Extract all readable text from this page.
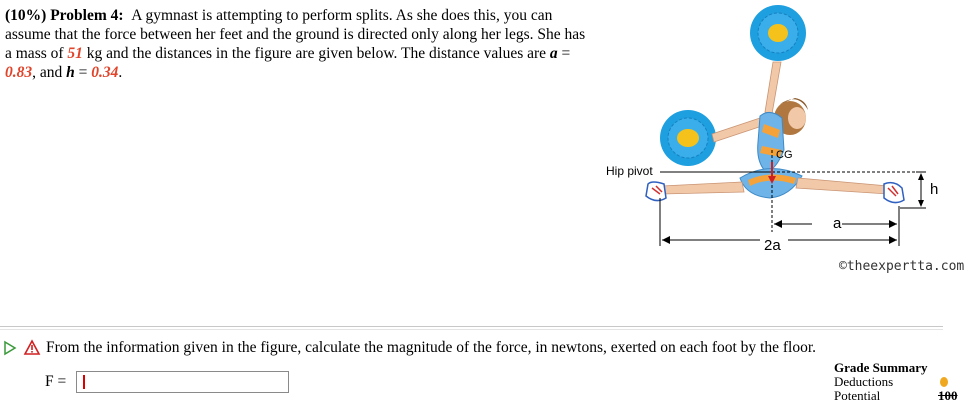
(10%) Problem 4: A gymnast is attempting to perform splits. As she does this, you can assume that the force between her feet and the ground is directed only along her legs. She has a mass of 51 kg and the distances in the figure are given below. The distance values are a = 0.83, and h = 0.34.
Hip pivot
CG
h
a
2a
©theexpertta.com
From the information given in the figure, calculate the magnitude of the force, in newtons, exerted on each foot by the floor.
F =
Grade Summary
Deductions
Potential	100
